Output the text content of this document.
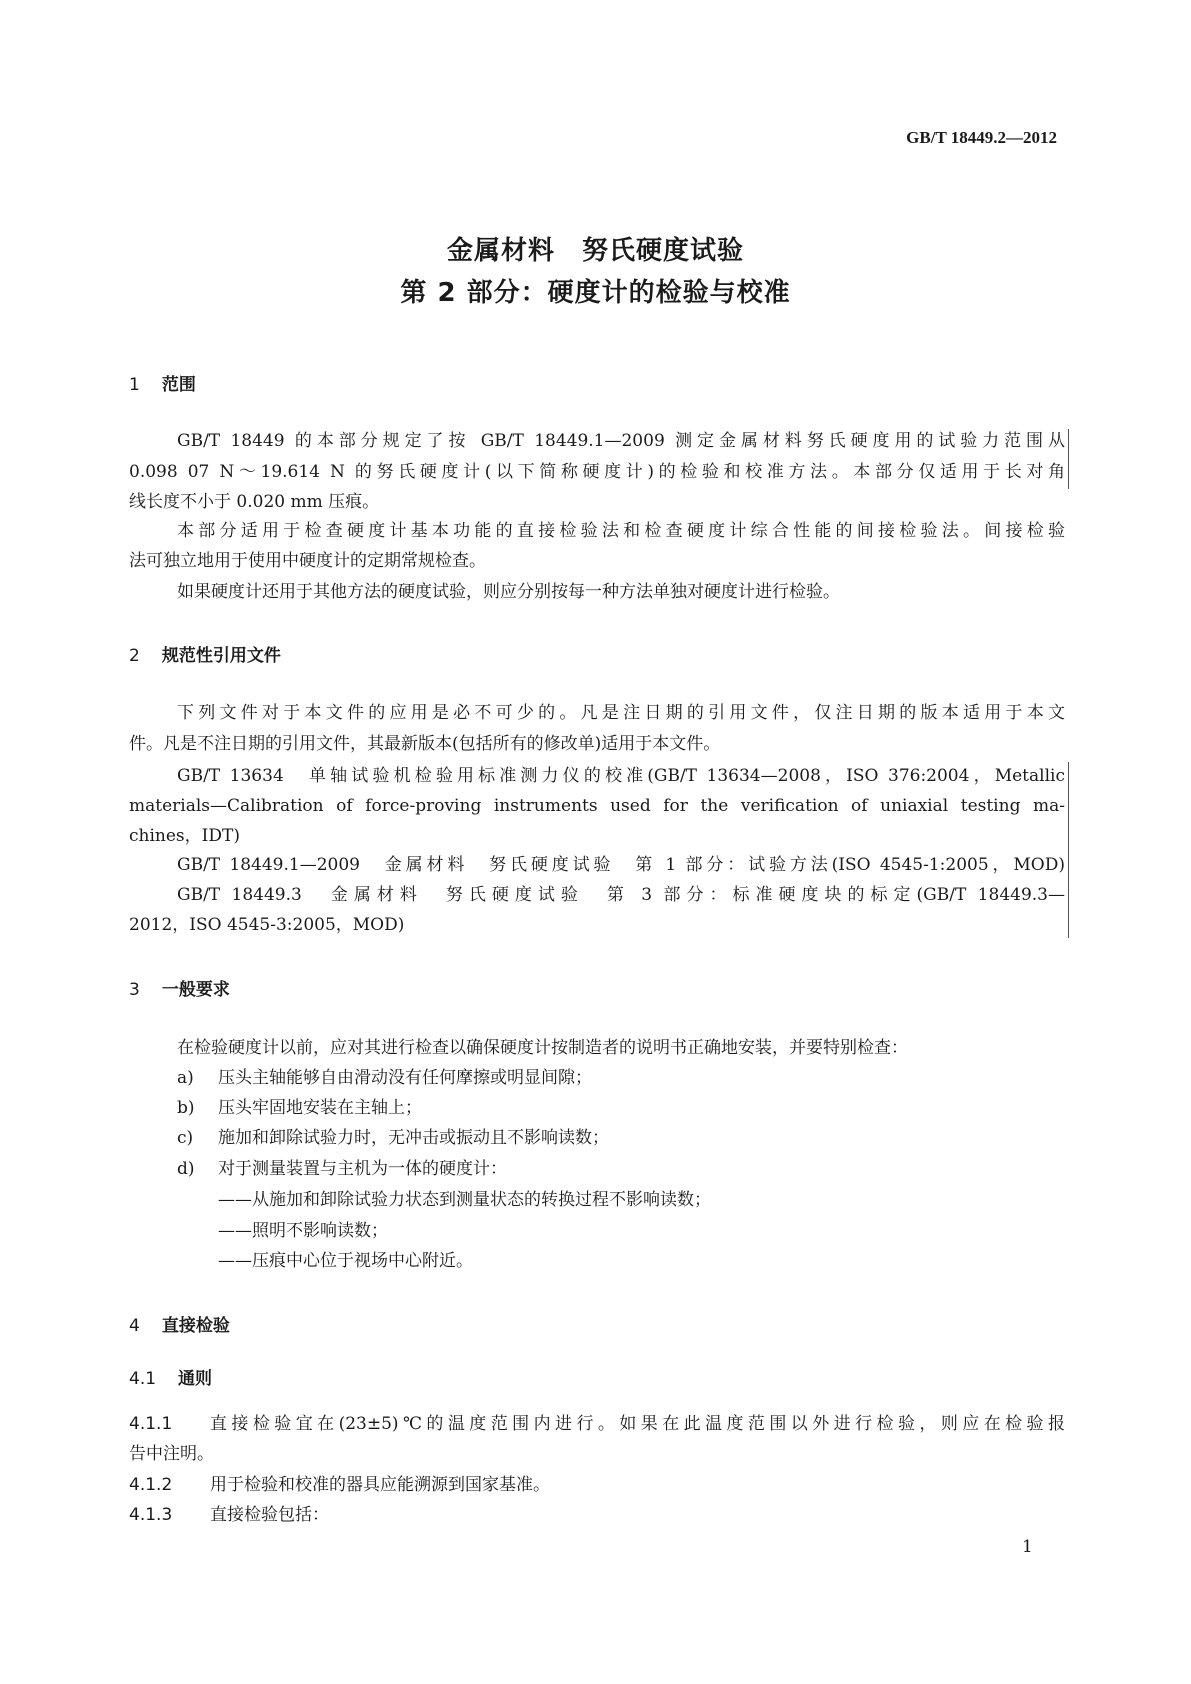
GB/T 18449.2—2012
金属材料　努氏硬度试验
第 2 部分：硬度计的检验与校准
1 范围
GB/T 18449 的本部分规定了按 GB/T 18449.1—2009 测定金属材料努氏硬度用的试验力范围从
0.098 07 N～19.614 N 的努氏硬度计(以下简称硬度计)的检验和校准方法。本部分仅适用于长对角
线长度不小于 0.020 mm 压痕。
本部分适用于检查硬度计基本功能的直接检验法和检查硬度计综合性能的间接检验法。间接检验
法可独立地用于使用中硬度计的定期常规检查。
如果硬度计还用于其他方法的硬度试验，则应分别按每一种方法单独对硬度计进行检验。
2 规范性引用文件
下列文件对于本文件的应用是必不可少的。凡是注日期的引用文件，仅注日期的版本适用于本文
件。凡是不注日期的引用文件，其最新版本(包括所有的修改单)适用于本文件。
GB/T 13634　单轴试验机检验用标准测力仪的校准(GB/T 13634—2008，ISO 376:2004，Metallic
materials—Calibration of force-proving instruments used for the verification of uniaxial testing ma-
chines，IDT)
GB/T 18449.1—2009　金属材料　努氏硬度试验　第 1 部分：试验方法(ISO 4545-1:2005，MOD)
GB/T 18449.3　金属材料　努氏硬度试验　第 3 部分：标准硬度块的标定(GB/T 18449.3—
2012，ISO 4545-3:2005，MOD)
3 一般要求
在检验硬度计以前，应对其进行检查以确保硬度计按制造者的说明书正确地安装，并要特别检查：
a) 压头主轴能够自由滑动没有任何摩擦或明显间隙；
b) 压头牢固地安装在主轴上；
c) 施加和卸除试验力时，无冲击或振动且不影响读数；
d) 对于测量装置与主机为一体的硬度计：
——从施加和卸除试验力状态到测量状态的转换过程不影响读数；
——照明不影响读数；
——压痕中心位于视场中心附近。
4 直接检验
4.1 通则
4.1.1 直接检验宜在(23±5)℃的温度范围内进行。如果在此温度范围以外进行检验，则应在检验报
告中注明。
4.1.2 用于检验和校准的器具应能溯源到国家基准。
4.1.3 直接检验包括：
1
